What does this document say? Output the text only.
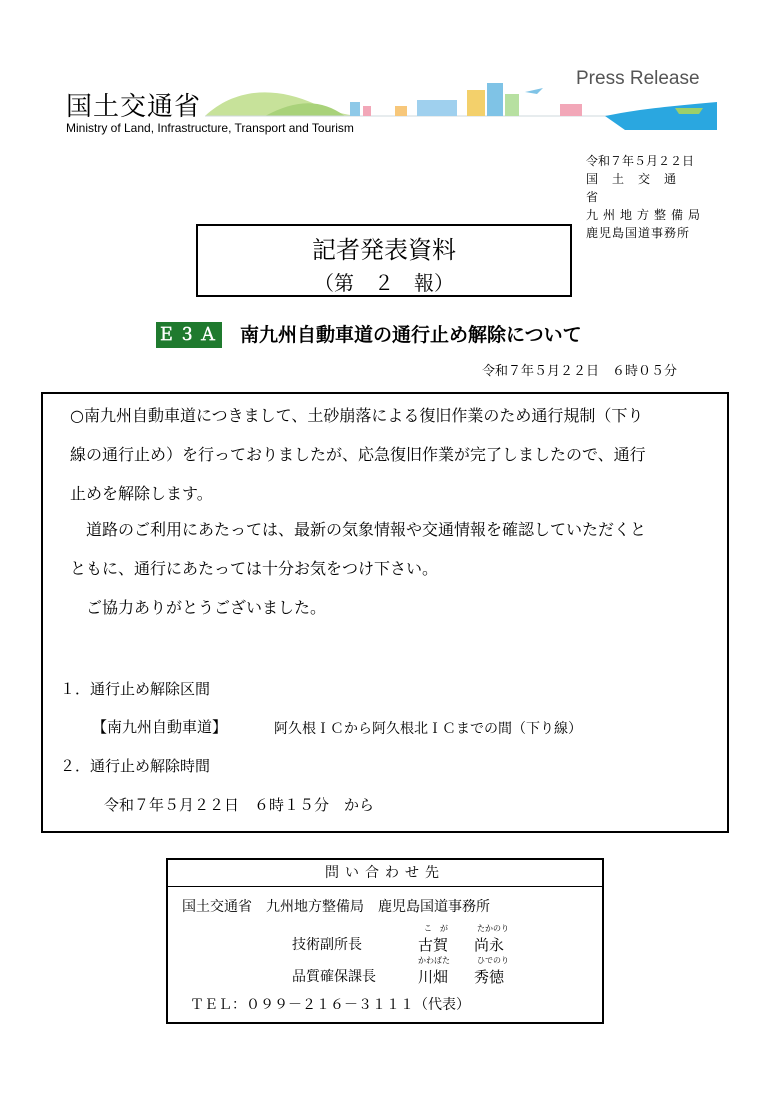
国土交通省
Ministry of Land, Infrastructure, Transport and Tourism
Press Release
令和７年５月２２日
国土交通省
九州地方整備局
鹿児島国道事務所
記者発表資料
（第　２　報）
Ｅ３Ａ 南九州自動車道の通行止め解除について
令和７年５月２２日　６時０５分
○南九州自動車道につきまして、土砂崩落による復旧作業のため通行規制（下り
線の通行止め）を行っておりましたが、応急復旧作業が完了しましたので、通行
止めを解除します。
　道路のご利用にあたっては、最新の気象情報や交通情報を確認していただくと
ともに、通行にあたっては十分お気をつけ下さい。
　ご協力ありがとうございました。
１．通行止め解除区間
【南九州自動車道】	阿久根ＩＣから阿久根北ＩＣまでの間（下り線）
２．通行止め解除時間
令和７年５月２２日　６時１５分　から
問い合わせ先
国土交通省　九州地方整備局　鹿児島国道事務所
技術副所長
こ　が
古賀
たかのり
尚永
品質確保課長
かわばた
川畑
ひでのり
秀徳
ＴＥＬ：０９９－２１６－３１１１（代表）
